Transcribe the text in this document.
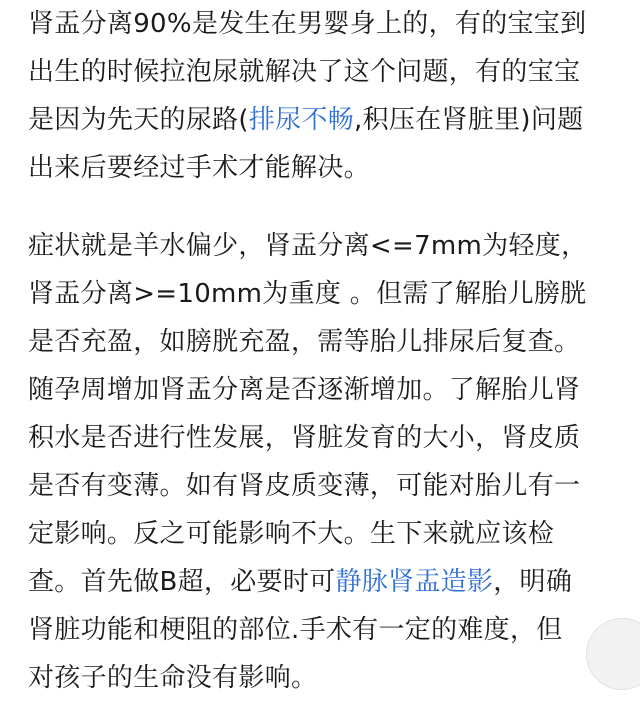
肾盂分离90%是发生在男婴身上的，有的宝宝到
出生的时候拉泡尿就解决了这个问题，有的宝宝
是因为先天的尿路(排尿不畅,积压在肾脏里)问题
出来后要经过手术才能解决。

症状就是羊水偏少，肾盂分离<=7mm为轻度，
肾盂分离>=10mm为重度 。但需了解胎儿膀胱
是否充盈，如膀胱充盈，需等胎儿排尿后复查。
随孕周增加肾盂分离是否逐渐增加。了解胎儿肾
积水是否进行性发展，肾脏发育的大小，肾皮质
是否有变薄。如有肾皮质变薄，可能对胎儿有一
定影响。反之可能影响不大。生下来就应该检
查。首先做B超，必要时可静脉肾盂造影，明确
肾脏功能和梗阻的部位.手术有一定的难度，但
对孩子的生命没有影响。
